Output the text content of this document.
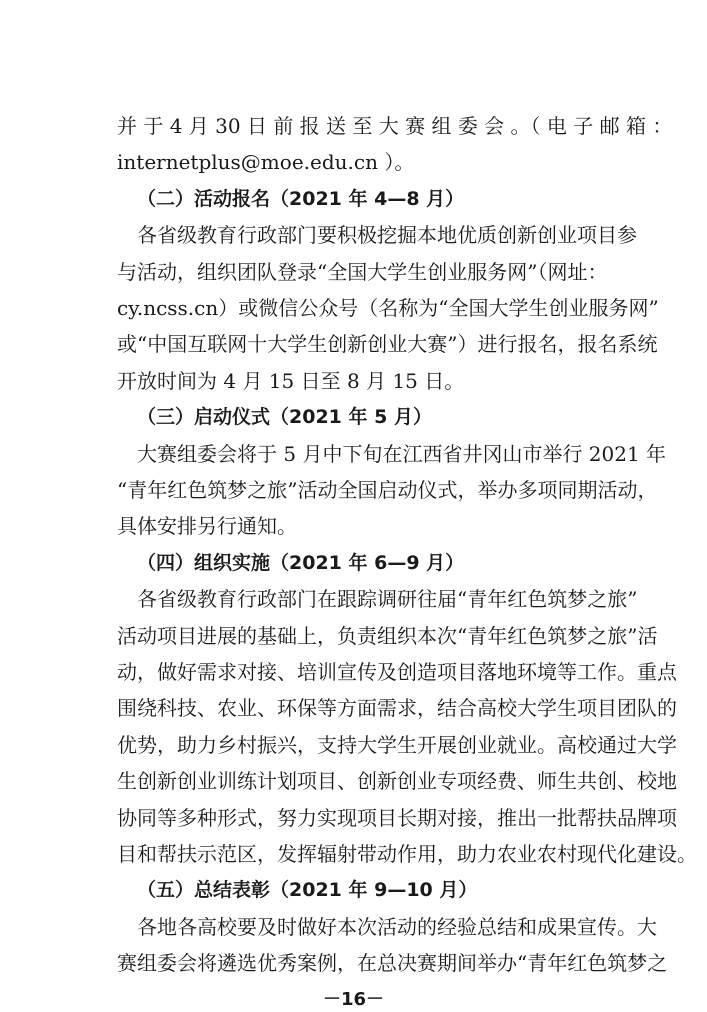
并 于 4 月 30 日 前 报 送 至 大 赛 组 委 会 。（ 电 子 邮 箱 ：
internetplus@moe.edu.cn ）。
（二）活动报名（2021 年 4—8 月）
各省级教育行政部门要积极挖掘本地优质创新创业项目参
与活动，组织团队登录“全国大学生创业服务网”（网址：
cy.ncss.cn）或微信公众号（名称为“全国大学生创业服务网”
或“中国互联网十大学生创新创业大赛”）进行报名，报名系统
开放时间为 4 月 15 日至 8 月 15 日。
（三）启动仪式（2021 年 5 月）
大赛组委会将于 5 月中下旬在江西省井冈山市举行 2021 年
“青年红色筑梦之旅”活动全国启动仪式，举办多项同期活动，
具体安排另行通知。
（四）组织实施（2021 年 6—9 月）
各省级教育行政部门在跟踪调研往届“青年红色筑梦之旅”
活动项目进展的基础上，负责组织本次“青年红色筑梦之旅”活
动，做好需求对接、培训宣传及创造项目落地环境等工作。重点
围绕科技、农业、环保等方面需求，结合高校大学生项目团队的
优势，助力乡村振兴，支持大学生开展创业就业。高校通过大学
生创新创业训练计划项目、创新创业专项经费、师生共创、校地
协同等多种形式，努力实现项目长期对接，推出一批帮扶品牌项
目和帮扶示范区，发挥辐射带动作用，助力农业农村现代化建设。
（五）总结表彰（2021 年 9—10 月）
各地各高校要及时做好本次活动的经验总结和成果宣传。大
赛组委会将遴选优秀案例，在总决赛期间举办“青年红色筑梦之
－16－
